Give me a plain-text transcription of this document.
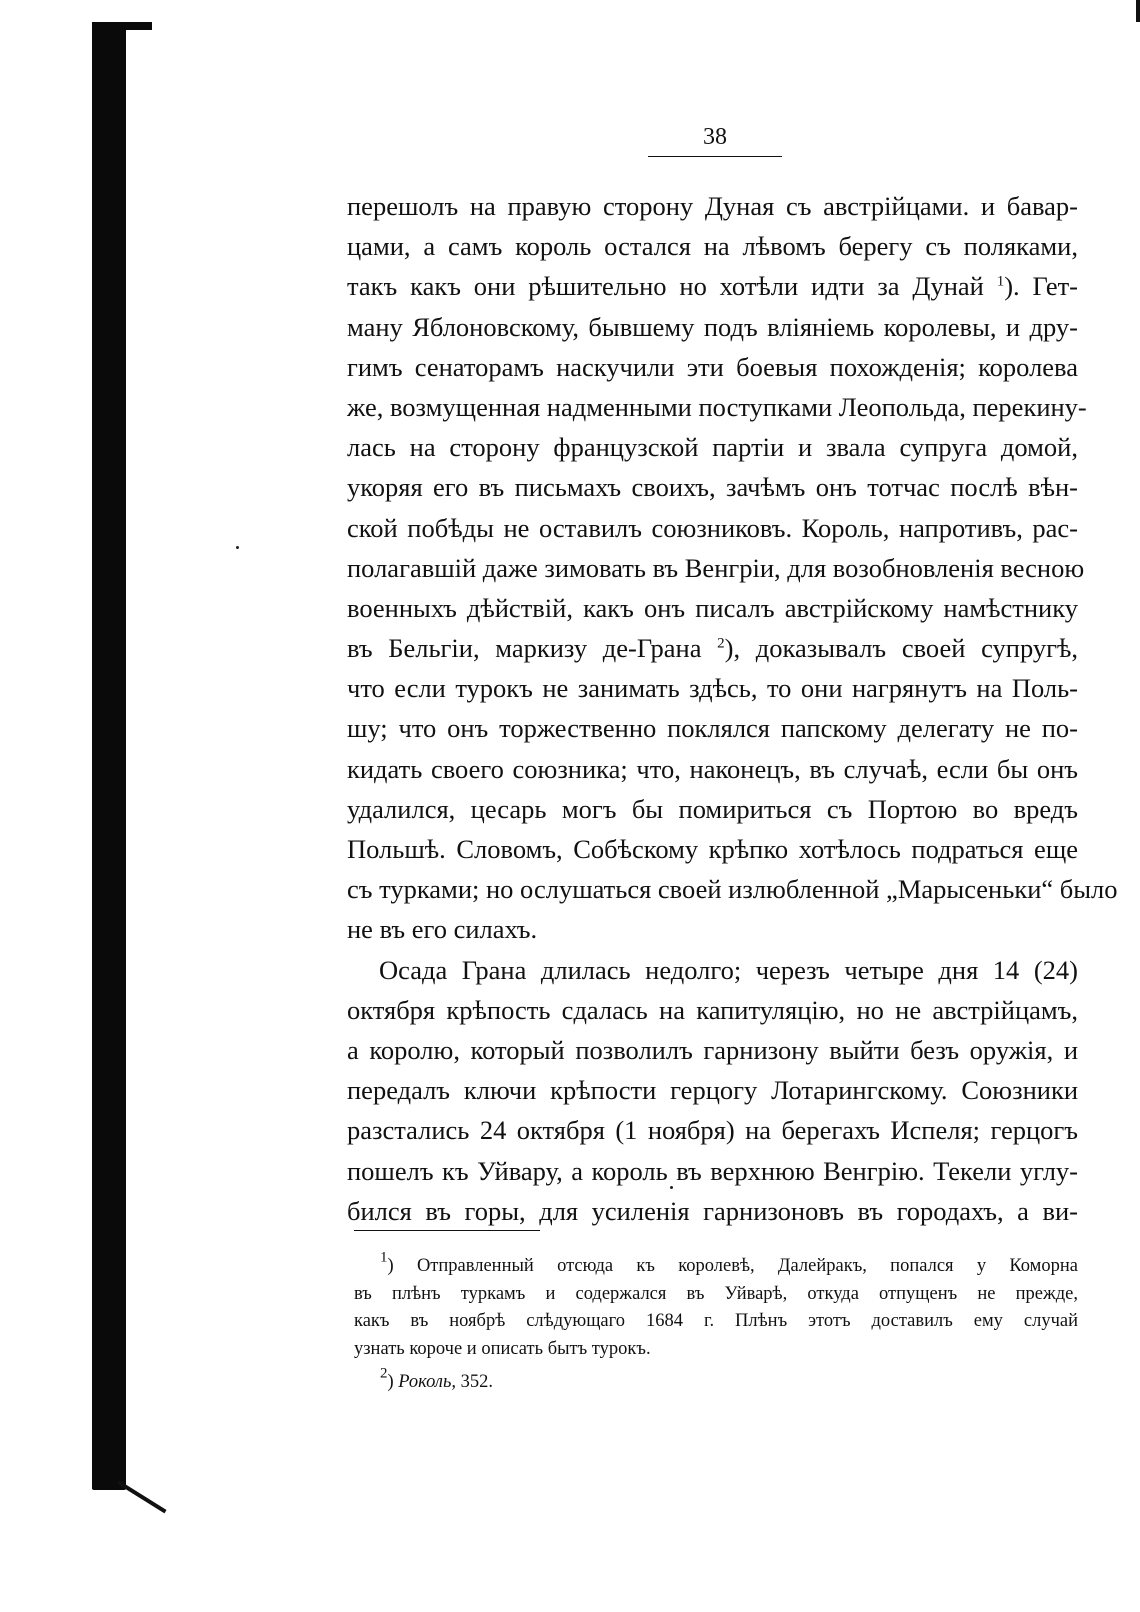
38
перешолъ на правую сторону Дуная съ австрійцами. и бавар-
цами, а самъ король остался на лѣвомъ берегу съ поляками,
такъ какъ они рѣшительно но хотѣли идти за Дунай $^1$). Гет-
ману Яблоновскому, бывшему подъ вліяніемь королевы, и дру-
гимъ сенаторамъ наскучили эти боевыя похожденія; королева
же, возмущенная надменными поступками Леопольда, перекину-
лась на сторону французской партіи и звала супруга домой,
укоряя его въ письмахъ своихъ, зачѣмъ онъ тотчас послѣ вѣн-
ской побѣды не оставилъ союзниковъ. Король, напротивъ, рас-
полагавшій даже зимовать въ Венгріи, для возобновленія весною
военныхъ дѣйствій, какъ онъ писалъ австрійскому намѣстнику
въ Бельгіи, маркизу де-Грана $^2$), доказывалъ своей супругѣ,
что если турокъ не занимать здѣсь, то они нагрянутъ на Поль-
шу; что онъ торжественно поклялся папскому делегату не по-
кидать своего союзника; что, наконецъ, въ случаѣ, если бы онъ
удалился, цесарь могъ бы помириться съ Портою во вредъ
Польшѣ. Словомъ, Собѣскому крѣпко хотѣлось подраться еще
съ турками; но ослушаться своей излюбленной „Марысеньки“ было
не въ его силахъ.
Осада Грана длилась недолго; черезъ четыре дня 14 (24)
октября крѣпость сдалась на капитуляцію, но не австрійцамъ,
а королю, который позволилъ гарнизону выйти безъ оружія, и
передалъ ключи крѣпости герцогу Лотарингскому. Союзники
разстались 24 октября (1 ноября) на берегахъ Испеля; герцогъ
пошелъ къ Уйвару, а король въ верхнюю Венгрію. Текели углу-
бился въ горы, для усиленія гарнизоновъ въ городахъ, а ви-
$^1$) Отправленный отсюда къ королевѣ, Далейракъ, попался у Коморна
въ плѣнъ туркамъ и содержался въ Уйварѣ, откуда отпущенъ не прежде,
какъ въ ноябрѣ слѣдующаго 1684 г. Плѣнъ этотъ доставилъ ему случай
узнать короче и описать бытъ турокъ.
$^2$) Роколь, 352.
